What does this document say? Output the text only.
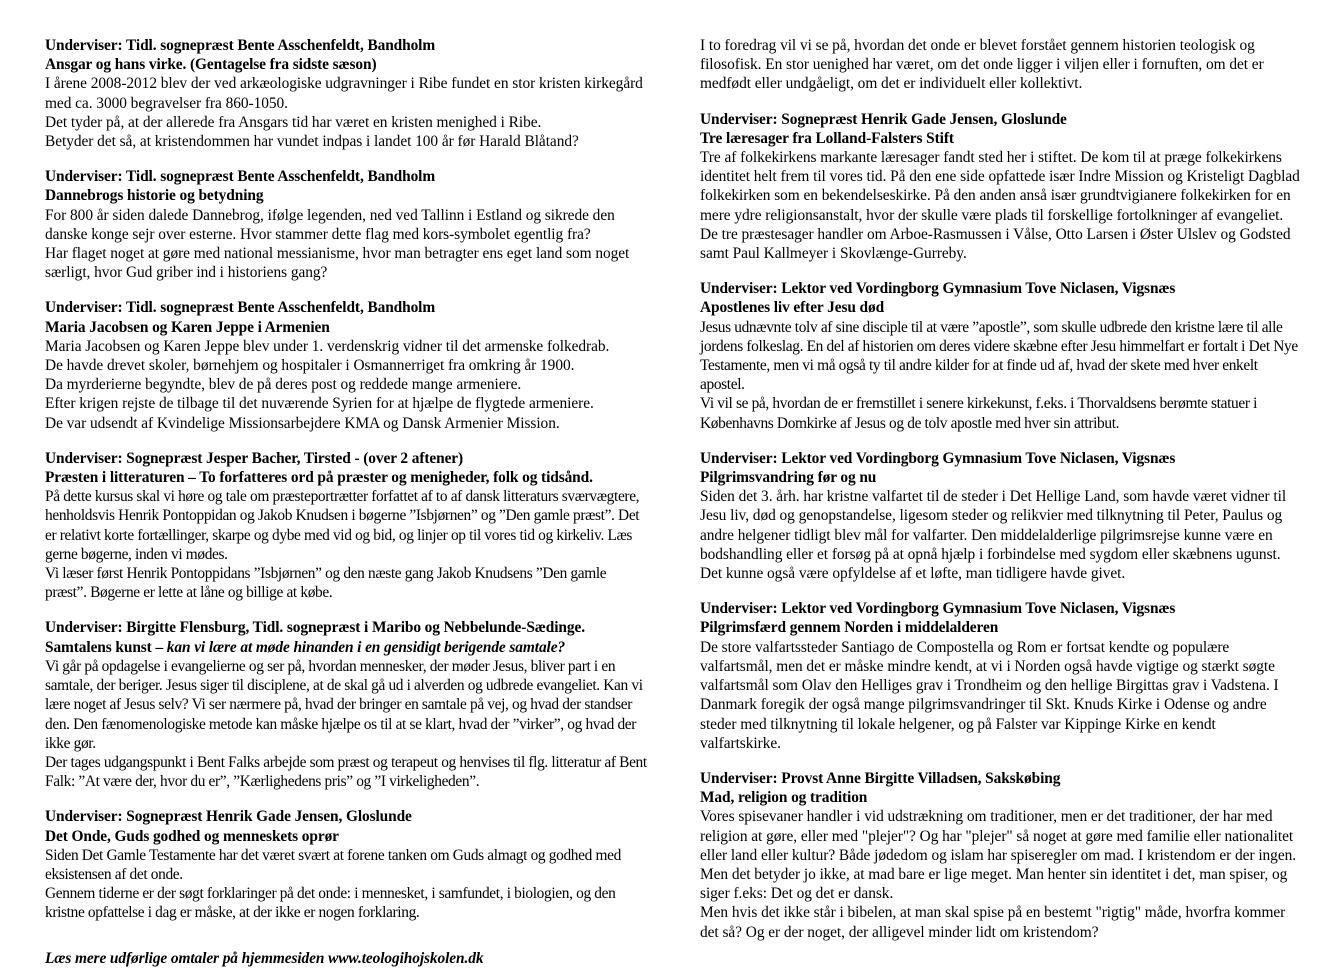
Underviser: Tidl. sognepræst Bente Asschenfeldt, Bandholm
Ansgar og hans virke. (Gentagelse fra sidste sæson)

I årene 2008-2012 blev der ved arkæologiske udgravninger i Ribe fundet en stor kristen kirkegård med ca. 3000 begravelser fra 860-1050.

Det tyder på, at der allerede fra Ansgars tid har været en kristen menighed i Ribe.

Betyder det så, at kristendommen har vundet indpas i landet 100 år før Harald Blåtand?

Underviser: Tidl. sognepræst Bente Asschenfeldt, Bandholm
Dannebrogs historie og betydning

For 800 år siden dalede Dannebrog, ifølge legenden, ned ved Tallinn i Estland og sikrede den danske konge sejr over esterne. Hvor stammer dette flag med kors-symbolet egentlig fra?

Har flaget noget at gøre med national messianisme, hvor man betragter ens eget land som noget særligt, hvor Gud griber ind i historiens gang?

Underviser: Tidl. sognepræst Bente Asschenfeldt, Bandholm
Maria Jacobsen og Karen Jeppe i Armenien

Maria Jacobsen og Karen Jeppe blev under 1. verdenskrig vidner til det armenske folkedrab.

De havde drevet skoler, børnehjem og hospitaler i Osmannerriget fra omkring år 1900.

Da myrderierne begyndte, blev de på deres post og reddede mange armeniere.

Efter krigen rejste de tilbage til det nuværende Syrien for at hjælpe de flygtede armeniere.

De var udsendt af Kvindelige Missionsarbejdere KMA og Dansk Armenier Mission.

Underviser: Sognepræst Jesper Bacher, Tirsted - (over 2 aftener)
Præsten i litteraturen – To forfatteres ord på præster og menigheder, folk og tidsånd.

På dette kursus skal vi høre og tale om præsteportrætter forfattet af to af dansk litteraturs sværvægtere, henholdsvis Henrik Pontoppidan og Jakob Knudsen i bøgerne ”Isbjørnen” og ”Den gamle præst”. Det er relativt korte fortællinger, skarpe og dybe med vid og bid, og linjer op til vores tid og kirkeliv. Læs gerne bøgerne, inden vi mødes.

Vi læser først Henrik Pontoppidans ”Isbjørnen” og den næste gang Jakob Knudsens ”Den gamle præst”. Bøgerne er lette at låne og billige at købe.

Underviser: Birgitte Flensburg, Tidl. sognepræst i Maribo og Nebbelunde-Sædinge.
Samtalens kunst – kan vi lære at møde hinanden i en gensidigt berigende samtale?

Vi går på opdagelse i evangelierne og ser på, hvordan mennesker, der møder Jesus, bliver part i en samtale, der beriger. Jesus siger til disciplene, at de skal gå ud i alverden og udbrede evangeliet. Kan vi lære noget af Jesus selv? Vi ser nærmere på, hvad der bringer en samtale på vej, og hvad der standser den. Den fænomenologiske metode kan måske hjælpe os til at se klart, hvad der ”virker”, og hvad der ikke gør.

Der tages udgangspunkt i Bent Falks arbejde som præst og terapeut og henvises til flg. litteratur af Bent Falk: ”At være der, hvor du er”, ”Kærlighedens pris” og ”I virkeligheden”.

Underviser: Sognepræst Henrik Gade Jensen, Gloslunde
Det Onde, Guds godhed og menneskets oprør

Siden Det Gamle Testamente har det været svært at forene tanken om Guds almagt og godhed med eksistensen af det onde.

Gennem tiderne er der søgt forklaringer på det onde: i mennesket, i samfundet, i biologien, og den kristne opfattelse i dag er måske, at der ikke er nogen forklaring.

Læs mere udførlige omtaler på hjemmesiden www.teologihojskolen.dk

I to foredrag vil vi se på, hvordan det onde er blevet forstået gennem historien teologisk og filosofisk. En stor uenighed har været, om det onde ligger i viljen eller i fornuften, om det er medfødt eller undgåeligt, om det er individuelt eller kollektivt.

Underviser: Sognepræst Henrik Gade Jensen, Gloslunde
Tre læresager fra Lolland-Falsters Stift

Tre af folkekirkens markante læresager fandt sted her i stiftet. De kom til at præge folkekirkens identitet helt frem til vores tid. På den ene side opfattede især Indre Mission og Kristeligt Dagblad folkekirken som en bekendelseskirke. På den anden anså især grundtvigianere folkekirken for en mere ydre religionsanstalt, hvor der skulle være plads til forskellige fortolkninger af evangeliet.

De tre præstesager handler om Arboe-Rasmussen i Vålse, Otto Larsen i Øster Ulslev og Godsted samt Paul Kallmeyer i Skovlænge-Gurreby.

Underviser: Lektor ved Vordingborg Gymnasium Tove Niclasen, Vigsnæs
Apostlenes liv efter Jesu død

Jesus udnævnte tolv af sine disciple til at være ”apostle”, som skulle udbrede den kristne lære til alle jordens folkeslag. En del af historien om deres videre skæbne efter Jesu himmelfart er fortalt i Det Nye Testamente, men vi må også ty til andre kilder for at finde ud af, hvad der skete med hver enkelt apostel.

Vi vil se på, hvordan de er fremstillet i senere kirkekunst, f.eks. i Thorvaldsens berømte statuer i Københavns Domkirke af Jesus og de tolv apostle med hver sin attribut.

Underviser: Lektor ved Vordingborg Gymnasium Tove Niclasen, Vigsnæs
Pilgrimsvandring før og nu

Siden det 3. årh. har kristne valfartet til de steder i Det Hellige Land, som havde været vidner til Jesu liv, død og genopstandelse, ligesom steder og relikvier med tilknytning til Peter, Paulus og andre helgener tidligt blev mål for valfarter. Den middelalderlige pilgrimsrejse kunne være en bodshandling eller et forsøg på at opnå hjælp i forbindelse med sygdom eller skæbnens ugunst. Det kunne også være opfyldelse af et løfte, man tidligere havde givet.

Underviser: Lektor ved Vordingborg Gymnasium Tove Niclasen, Vigsnæs
Pilgrimsfærd gennem Norden i middelalderen

De store valfartssteder Santiago de Compostella og Rom er fortsat kendte og populære valfartsmål, men det er måske mindre kendt, at vi i Norden også havde vigtige og stærkt søgte valfartsmål som Olav den Helliges grav i Trondheim og den hellige Birgittas grav i Vadstena. I Danmark foregik der også mange pilgrimsvandringer til Skt. Knuds Kirke i Odense og andre steder med tilknytning til lokale helgener, og på Falster var Kippinge Kirke en kendt valfartskirke.

Underviser: Provst Anne Birgitte Villadsen, Sakskøbing
Mad, religion og tradition

Vores spisevaner handler i vid udstrækning om traditioner, men er det traditioner, der har med religion at gøre, eller med "plejer"? Og har "plejer" så noget at gøre med familie eller nationalitet eller land eller kultur? Både jødedom og islam har spiseregler om mad. I kristendom er der ingen. Men det betyder jo ikke, at mad bare er lige meget. Man henter sin identitet i det, man spiser, og siger f.eks: Det og det er dansk.

Men hvis det ikke står i bibelen, at man skal spise på en bestemt "rigtig" måde, hvorfra kommer det så? Og er der noget, der alligevel minder lidt om kristendom?
